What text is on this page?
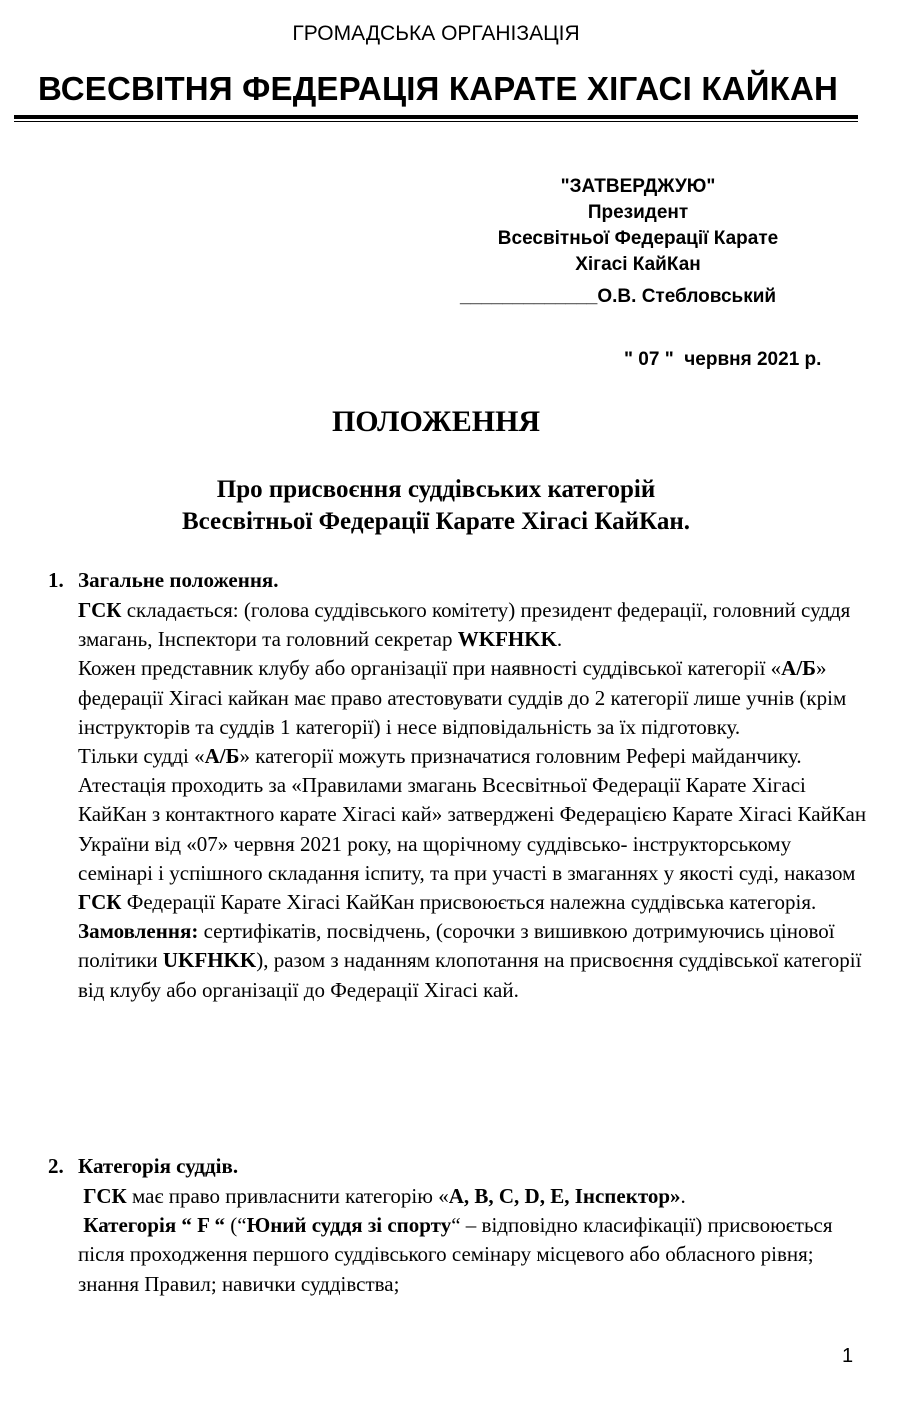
ГРОМАДСЬКА ОРГАНІЗАЦІЯ
ВСЕСВІТНЯ ФЕДЕРАЦІЯ КАРАТЕ ХІГАСІ КАЙКАН
"ЗАТВЕРДЖУЮ"
Президент
Всесвітньої Федерації Карате
Хігасі КайКан
_____________О.В. Стебловський
" 07 "  червня 2021 р.
ПОЛОЖЕННЯ
Про присвоєння суддівських категорій
Всесвітньої Федерації Карате Хігасі КайКан.
1. Загальне положення.

ГСК складається: (голова суддівського комітету) президент федерації, головний суддя змагань, Інспектори та головний секретар WKFHKK.

Кожен представник клубу або організації при наявності суддівської категорії «А/Б» федерації Хігасі кайкан має право атестовувати суддів до 2 категорії лише учнів (крім інструкторів та суддів 1 категорії) і несе відповідальність за їх підготовку.

Тільки судді «А/Б» категорії можуть призначатися головним Рефері майданчику.

Атестація проходить за «Правилами змагань Всесвітньої Федерації Карате Хігасі КайКан з контактного карате Хігасі кай» затверджені Федерацією Карате Хігасі КайКан України від «07» червня 2021 року, на щорічному суддівсько- інструкторському семінарі і успішного складання іспиту, та при участі в змаганнях у якості суді, наказом ГСК Федерації Карате Хігасі КайКан присвоюється належна суддівська категорія.

Замовлення: сертифікатів, посвідчень, (сорочки з вишивкою дотримуючись цінової політики UKFHKK), разом з наданням клопотання на присвоєння суддівської категорії від клубу або організації до Федерації Хігасі кай.

2. Категорія суддів.

ГСК має право привласнити категорію «A, B, C, D, E, Інспектор».

Категорія “ F “ (“Юний суддя зі спорту“ – відповідно класифікації) присвоюється після проходження першого суддівського семінару місцевого або обласного рівня; знання Правил; навички суддівства;

1
